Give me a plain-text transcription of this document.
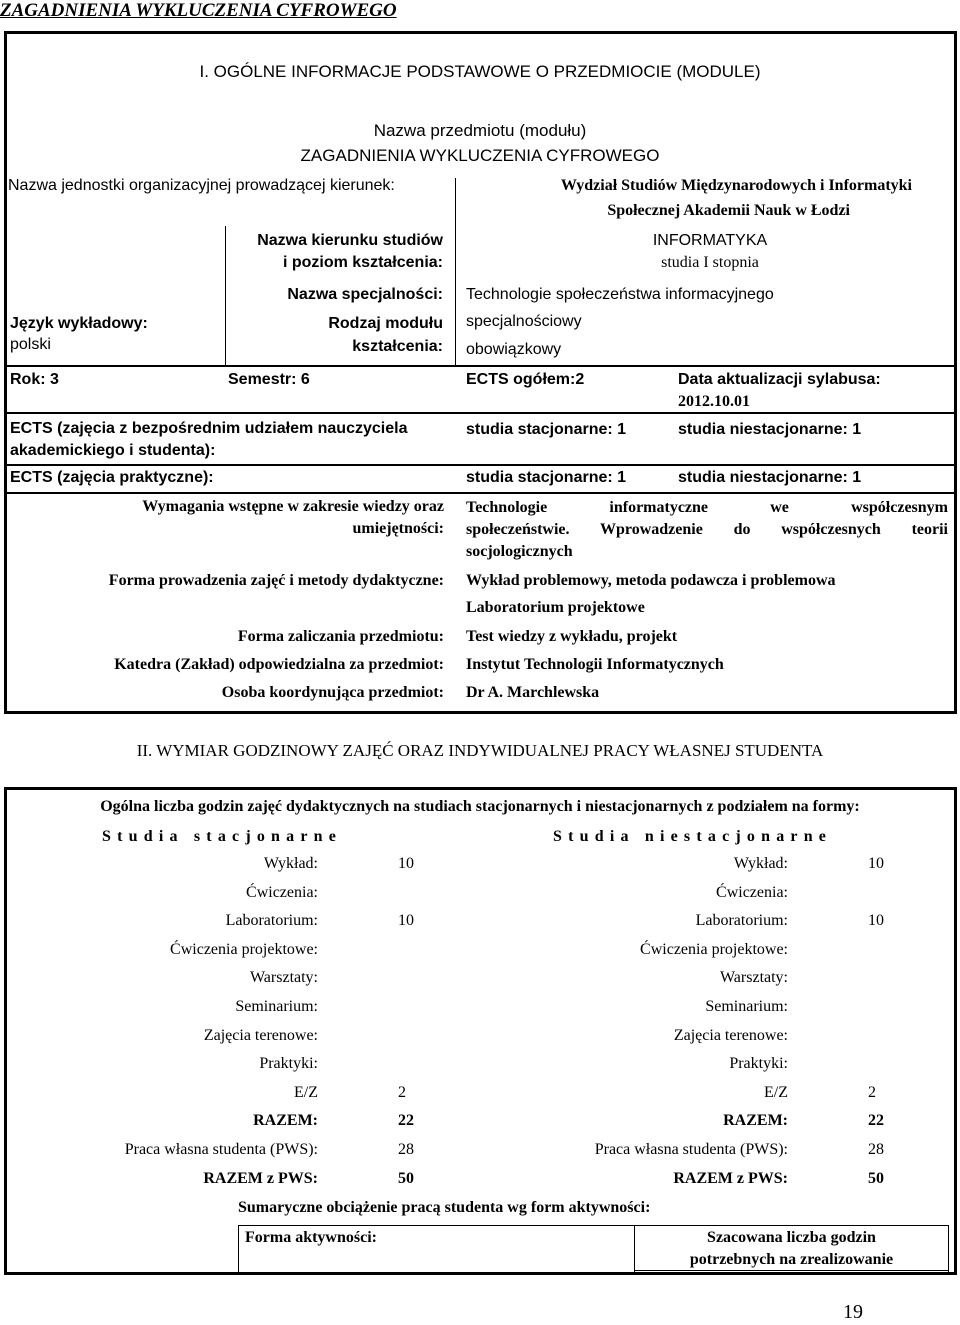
ZAGADNIENIA WYKLUCZENIA CYFROWEGO
I. OGÓLNE INFORMACJE PODSTAWOWE O PRZEDMIOCIE (MODULE)
Nazwa przedmiotu (modułu)
ZAGADNIENIA WYKLUCZENIA CYFROWEGO
Nazwa jednostki organizacyjnej prowadzącej kierunek:	Wydział Studiów Międzynarodowych i Informatyki
Społecznej Akademii Nauk w Łodzi
Nazwa kierunku studiów
i poziom kształcenia:
INFORMATYKA
studia I stopnia
Nazwa specjalności: Technologie społeczeństwa informacyjnego
Język wykładowy:
polski
Rodzaj modułu
kształcenia:
specjalnościowy
obowiązkowy
Rok: 3	Semestr: 6	ECTS ogółem:2	Data aktualizacji sylabusa:
2012.10.01
ECTS (zajęcia z bezpośrednim udziałem nauczyciela
akademickiego i studenta):
studia stacjonarne: 1	studia niestacjonarne: 1
ECTS (zajęcia praktyczne):	studia stacjonarne: 1	studia niestacjonarne: 1
Wymagania wstępne w zakresie wiedzy oraz
umiejętności:
Technologie informatyczne we współczesnym
społeczeństwie. Wprowadzenie do współczesnych teorii
socjologicznych
Forma prowadzenia zajęć i metody dydaktyczne: Wykład problemowy, metoda podawcza i problemowa
Laboratorium projektowe
Forma zaliczania przedmiotu: Test wiedzy z wykładu, projekt
Katedra (Zakład) odpowiedzialna za przedmiot: Instytut Technologii Informatycznych
Osoba koordynująca przedmiot: Dr A. Marchlewska
II. WYMIAR GODZINOWY ZAJĘĆ ORAZ INDYWIDUALNEJ PRACY WŁASNEJ STUDENTA
Ogólna liczba godzin zajęć dydaktycznych na studiach stacjonarnych i niestacjonarnych z podziałem na formy:
Studia stacjonarne	Studia niestacjonarne
Wykład:	10	Wykład:	10
Ćwiczenia:	Ćwiczenia:
Laboratorium:	10	Laboratorium:	10
Ćwiczenia projektowe:	Ćwiczenia projektowe:
Warsztaty:	Warsztaty:
Seminarium:	Seminarium:
Zajęcia terenowe:	Zajęcia terenowe:
Praktyki:	Praktyki:
E/Z	2	E/Z	2
RAZEM:	22	RAZEM:	22
Praca własna studenta (PWS):	28	Praca własna studenta (PWS):	28
RAZEM z PWS:	50	RAZEM z PWS:	50
Sumaryczne obciążenie pracą studenta wg form aktywności:
Forma aktywności:	Szacowana liczba godzin
potrzebnych na zrealizowanie
19
